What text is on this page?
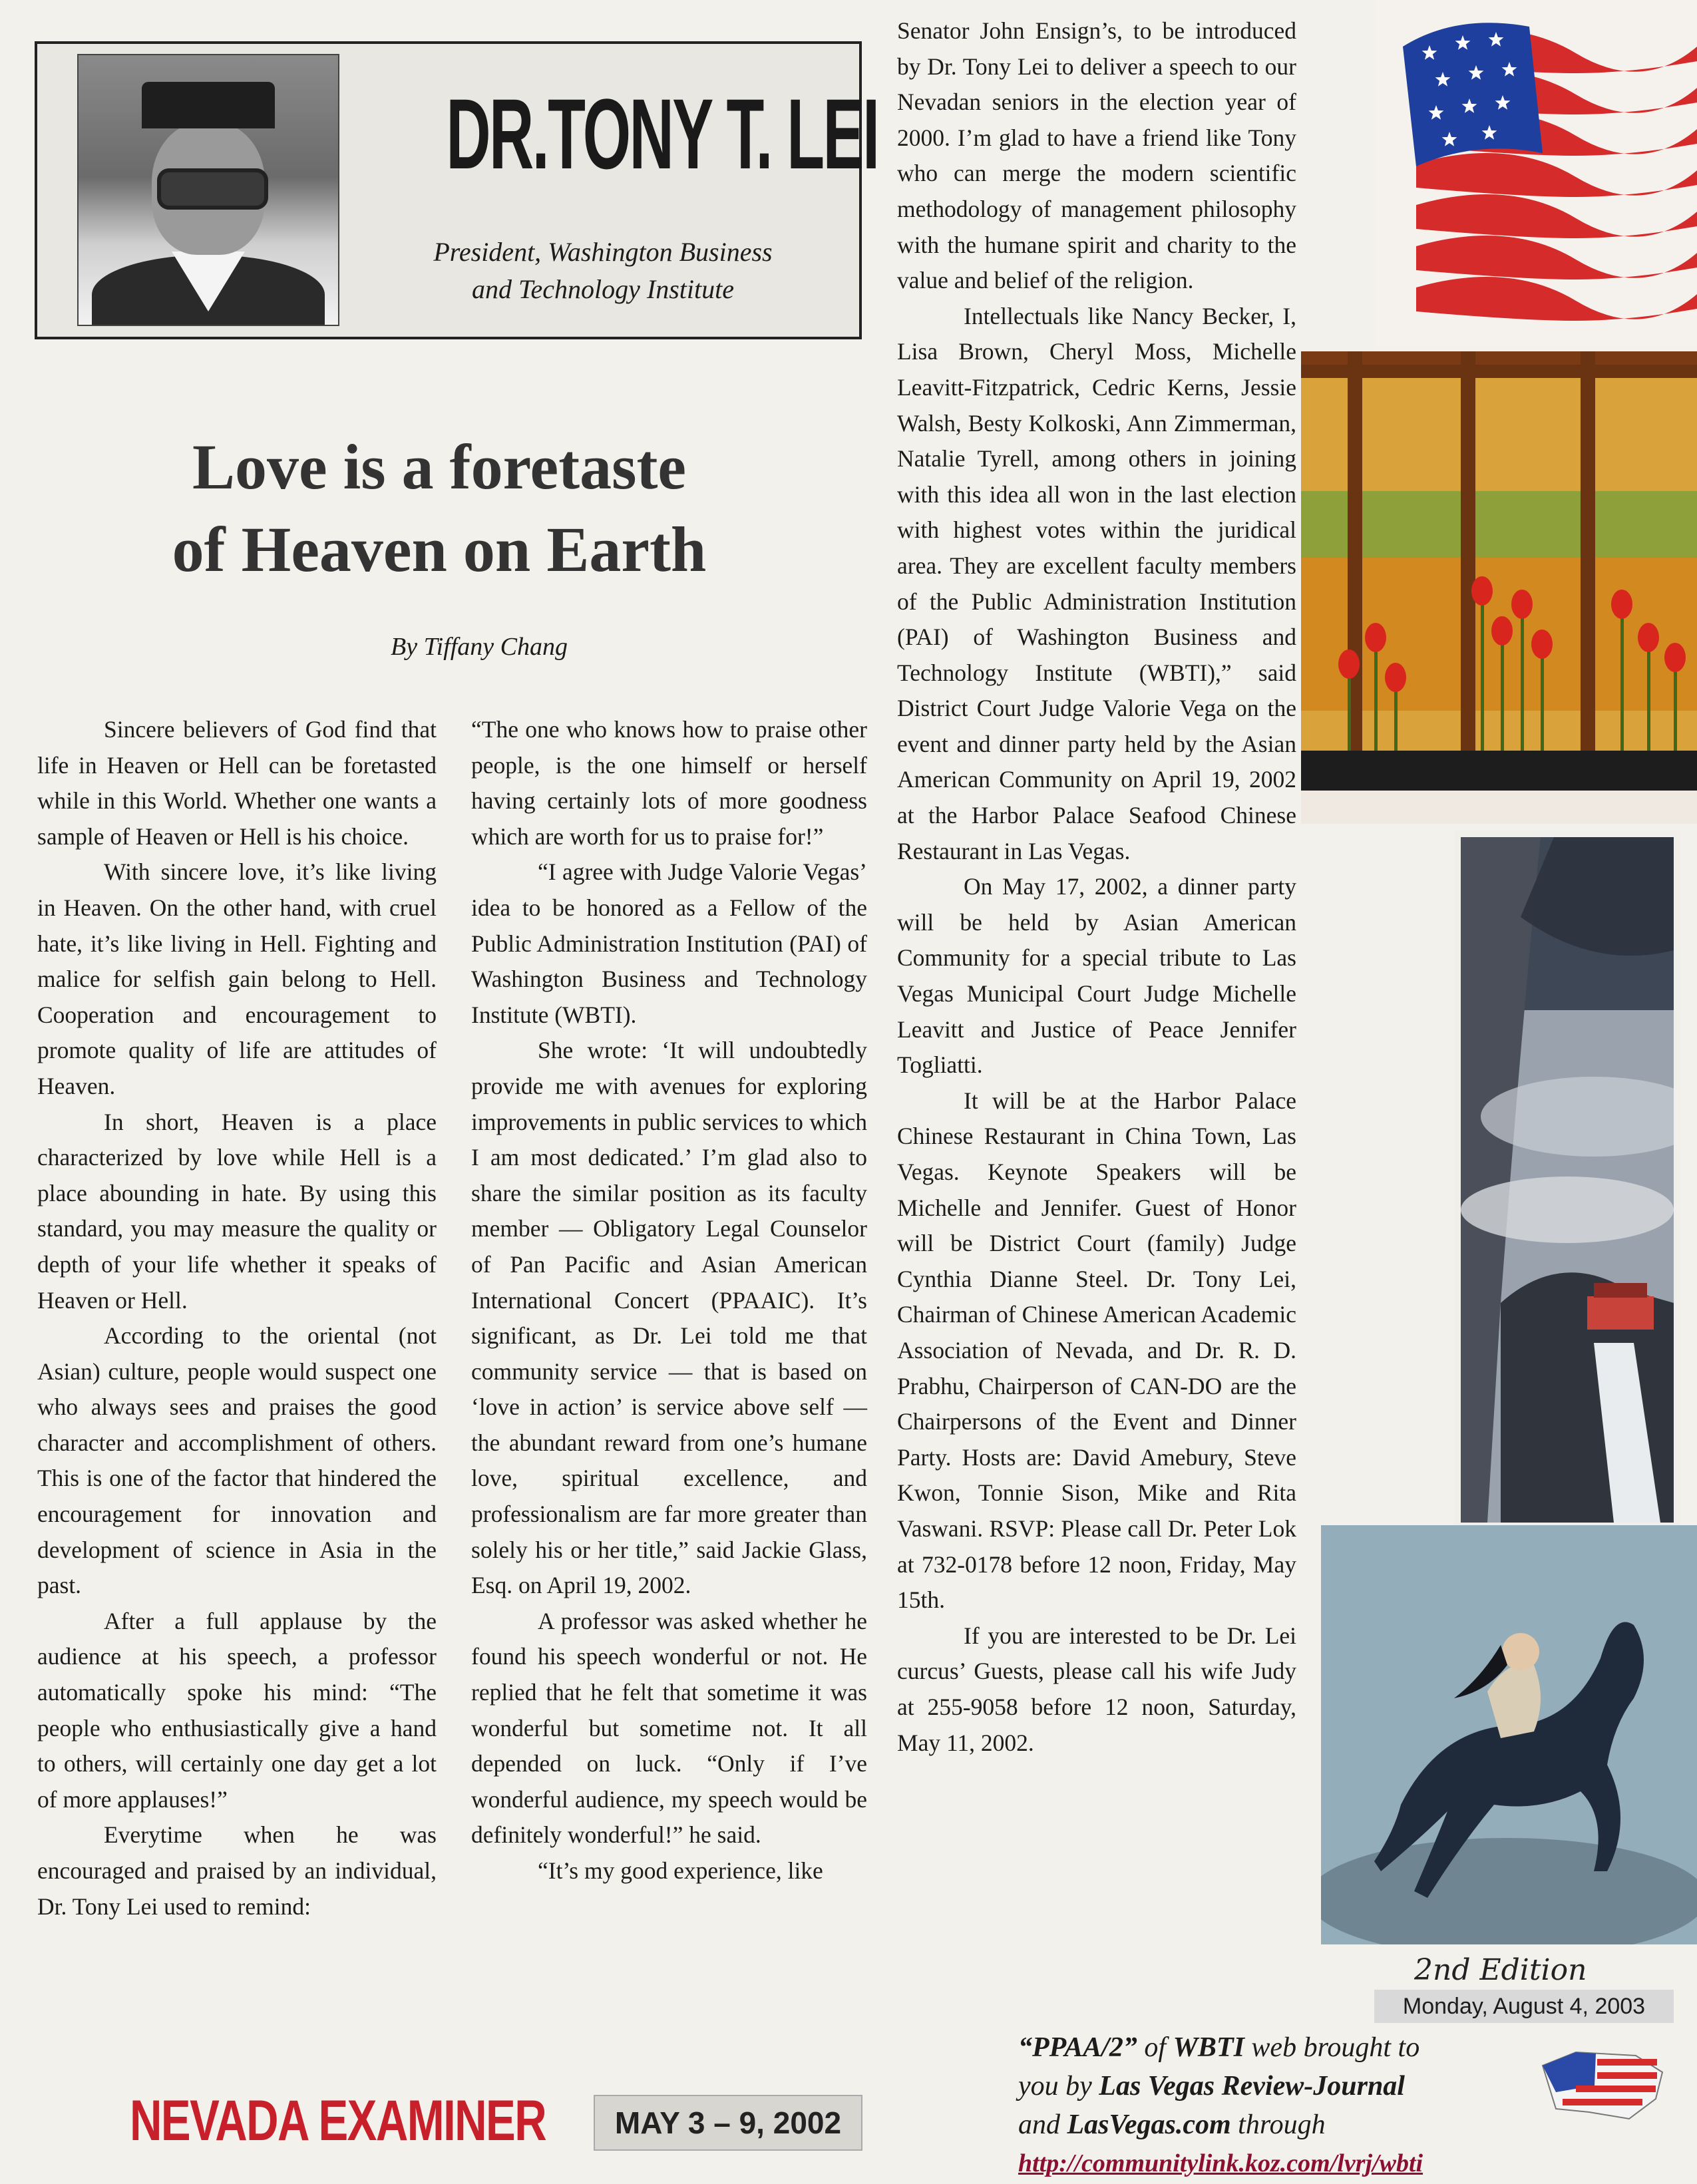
DR.TONY T. LEI
President, Washington Business
and Technology Institute
Love is a foretaste
of Heaven on Earth
By Tiffany Chang

Sincere believers of God find that life in Heaven or Hell can be foretasted while in this World. Whether one wants a sample of Heaven or Hell is his choice.

With sincere love, it’s like living in Heaven. On the other hand, with cruel hate, it’s like living in Hell. Fighting and malice for selfish gain belong to Hell. Cooperation and encouragement to promote quality of life are attitudes of Heaven.

In short, Heaven is a place characterized by love while Hell is a place abounding in hate. By using this standard, you may measure the quality or depth of your life whether it speaks of Heaven or Hell.

According to the oriental (not Asian) culture, people would suspect one who always sees and praises the good character and accomplishment of others. This is one of the factor that hindered the encouragement for innovation and development of science in Asia in the past.

After a full applause by the audience at his speech, a professor automatically spoke his mind: “The people who enthusiastically give a hand to others, will certainly one day get a lot of more applauses!”

Everytime when he was encouraged and praised by an individual, Dr. Tony Lei used to remind:

“The one who knows how to praise other people, is the one himself or herself having certainly lots of more goodness which are worth for us to praise for!”

“I agree with Judge Valorie Vegas’ idea to be honored as a Fellow of the Public Administration Institution (PAI) of Washington Business and Technology Institute (WBTI).

She wrote: ‘It will undoubtedly provide me with avenues for exploring improvements in public services to which I am most dedicated.’ I’m glad also to share the similar position as its faculty member — Obligatory Legal Counselor of Pan Pacific and Asian American International Concert (PPAAIC). It’s significant, as Dr. Lei told me that community service — that is based on ‘love in action’ is service above self — the abundant reward from one’s humane love, spiritual excellence, and professionalism are far more greater than solely his or her title,” said Jackie Glass, Esq. on April 19, 2002.

A professor was asked whether he found his speech wonderful or not. He replied that he felt that sometime it was wonderful but sometime not. It all depended on luck. “Only if I’ve wonderful audience, my speech would be definitely wonderful!” he said.

“It’s my good experience, like

Senator John Ensign’s, to be introduced by Dr. Tony Lei to deliver a speech to our Nevadan seniors in the election year of 2000. I’m glad to have a friend like Tony who can merge the modern scientific methodology of management philosophy with the humane spirit and charity to the value and belief of the religion.

Intellectuals like Nancy Becker, I, Lisa Brown, Cheryl Moss, Michelle Leavitt-Fitzpatrick, Cedric Kerns, Jessie Walsh, Besty Kolkoski, Ann Zimmerman, Natalie Tyrell, among others in joining with this idea all won in the last election with highest votes within the juridical area. They are excellent faculty members of the Public Administration Institution (PAI) of Washington Business and Technology Institute (WBTI),” said District Court Judge Valorie Vega on the event and dinner party held by the Asian American Community on April 19, 2002 at the Harbor Palace Seafood Chinese Restaurant in Las Vegas.

On May 17, 2002, a dinner party will be held by Asian American Community for a special tribute to Las Vegas Municipal Court Judge Michelle Leavitt and Justice of Peace Jennifer Togliatti.

It will be at the Harbor Palace Chinese Restaurant in China Town, Las Vegas. Keynote Speakers will be Michelle and Jennifer. Guest of Honor will be District Court (family) Judge Cynthia Dianne Steel. Dr. Tony Lei, Chairman of Chinese American Academic Association of Nevada, and Dr. R. D. Prabhu, Chairperson of CAN-DO are the Chairpersons of the Event and Dinner Party. Hosts are: David Amebury, Steve Kwon, Tonnie Sison, Mike and Rita Vaswani. RSVP: Please call Dr. Peter Lok at 732-0178 before 12 noon, Friday, May 15th.

If you are interested to be Dr. Lei curcus’ Guests, please call his wife Judy at 255-9058 before 12 noon, Saturday, May 11, 2002.

NEVADA EXAMINER	MAY 3 – 9, 2002
2nd Edition
Monday, August 4, 2003
“PPAA/2” of WBTI web brought to
you by Las Vegas Review-Journal
and LasVegas.com through
http://communitylink.koz.com/lvrj/wbti
